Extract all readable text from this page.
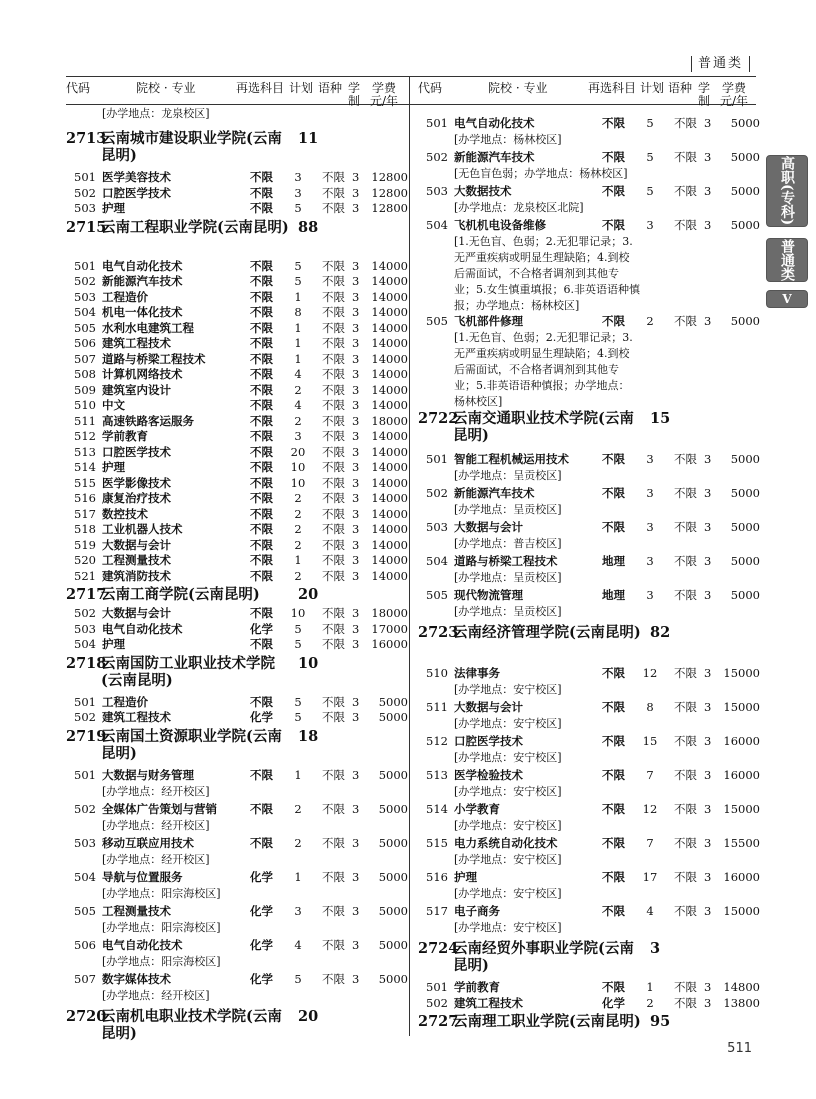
普通类
代码	院校 · 专业	再选科目 计划 语种 学制
学费元/年
代码	院校 · 专业	再选科目 计划 语种 学制
学费元/年
高职(专科)
普通类
V
[办学地点：龙泉校区]
2713
云南城市建设职业学院(云南昆明)
11
501 医学美容技术	不限	3	不限 3	12800
502 口腔医学技术	不限	3	不限 3	12800
503 护理	不限	5	不限 3	12800
2715
云南工程职业学院(云南昆明) 88
501 电气自动化技术	不限	5	不限 3	14000
502 新能源汽车技术	不限	5	不限 3	14000
503 工程造价	不限	1	不限 3	14000
504 机电一体化技术	不限	8	不限 3	14000
505 水利水电建筑工程	不限	1	不限 3	14000
506 建筑工程技术	不限	1	不限 3	14000
507 道路与桥梁工程技术	不限	1	不限 3	14000
508 计算机网络技术	不限	4	不限 3	14000
509 建筑室内设计	不限	2	不限 3	14000
510 中文	不限	4	不限 3	14000
511 高速铁路客运服务	不限	2	不限 3	18000
512 学前教育	不限	3	不限 3	14000
513 口腔医学技术	不限 20 不限 3	14000
514 护理	不限 10 不限 3	14000
515 医学影像技术	不限 10 不限 3	14000
516 康复治疗技术	不限	2	不限 3	14000
517 数控技术	不限	2	不限 3	14000
518 工业机器人技术	不限	2	不限 3	14000
519 大数据与会计	不限	2	不限 3	14000
520 工程测量技术	不限	1	不限 3	14000
521 建筑消防技术	不限	2	不限 3	14000
2717
云南工商学院(云南昆明)	20
502 大数据与会计	不限 10 不限 3	18000
503 电气自动化技术	化学	5	不限 3	17000
504 护理	不限	5	不限 3	16000
2718
云南国防工业职业技术学院	10
(云南昆明)
501 工程造价	不限	5	不限 3	5000
502 建筑工程技术	化学	5	不限 3	5000
2719
云南国土资源职业学院(云南昆明)
18
501 大数据与财务管理	不限	1	不限 3	5000
[办学地点：经开校区]
502 全媒体广告策划与营销	不限	2	不限 3	5000
[办学地点：经开校区]
503 移动互联应用技术	不限	2	不限 3	5000
[办学地点：经开校区]
504 导航与位置服务	化学	1	不限 3	5000
[办学地点：阳宗海校区]
505 工程测量技术	化学	3	不限 3	5000
[办学地点：阳宗海校区]
506 电气自动化技术	化学	4	不限 3	5000
[办学地点：阳宗海校区]
507 数字媒体技术	化学	5	不限 3	5000
[办学地点：经开校区]
2720
云南机电职业技术学院(云南昆明)
20
501 电气自动化技术	不限	5	不限 3	5000
[办学地点：杨林校区]
502 新能源汽车技术	不限	5	不限 3	5000
[无色盲色弱；办学地点：杨林校区]
503 大数据技术	不限	5	不限 3	5000
[办学地点：龙泉校区北院]
504 飞机机电设备维修	不限	3	不限 3	5000
[1.无色盲、色弱；2.无犯罪记录；3.无严重疾病或明显生理缺陷；4.到校后需面试，不合格者调剂到其他专业；5.女生慎重填报；6.非英语语种慎报；办学地点：杨林校区]
505 飞机部件修理	不限	2	不限 3	5000
[1.无色盲、色弱；2.无犯罪记录；3.无严重疾病或明显生理缺陷；4.到校后需面试，不合格者调剂到其他专业；5.非英语语种慎报；办学地点：杨林校区]
2722
云南交通职业技术学院(云南昆明)
15
501 智能工程机械运用技术	不限	3	不限 3	5000
[办学地点：呈贡校区]
502 新能源汽车技术	不限	3	不限 3	5000
[办学地点：呈贡校区]
503 大数据与会计	不限	3	不限 3	5000
[办学地点：普吉校区]
504 道路与桥梁工程技术	地理	3	不限 3	5000
[办学地点：呈贡校区]
505 现代物流管理	地理	3	不限 3	5000
[办学地点：呈贡校区]
2723
云南经济管理学院(云南昆明) 82
510 法律事务	不限 12 不限 3	15000
[办学地点：安宁校区]
511 大数据与会计	不限	8	不限 3	15000
[办学地点：安宁校区]
512 口腔医学技术	不限 15 不限 3	16000
[办学地点：安宁校区]
513 医学检验技术	不限	7	不限 3	16000
[办学地点：安宁校区]
514 小学教育	不限 12 不限 3	15000
[办学地点：安宁校区]
515 电力系统自动化技术	不限	7	不限 3	15500
[办学地点：安宁校区]
516 护理	不限 17 不限 3	16000
[办学地点：安宁校区]
517 电子商务	不限	4	不限 3	15000
[办学地点：安宁校区]
2724
云南经贸外事职业学院(云南昆明)
3
501 学前教育	不限	1	不限 3	14800
502 建筑工程技术	化学	2	不限 3	13800
2727
云南理工职业学院(云南昆明) 95
511
